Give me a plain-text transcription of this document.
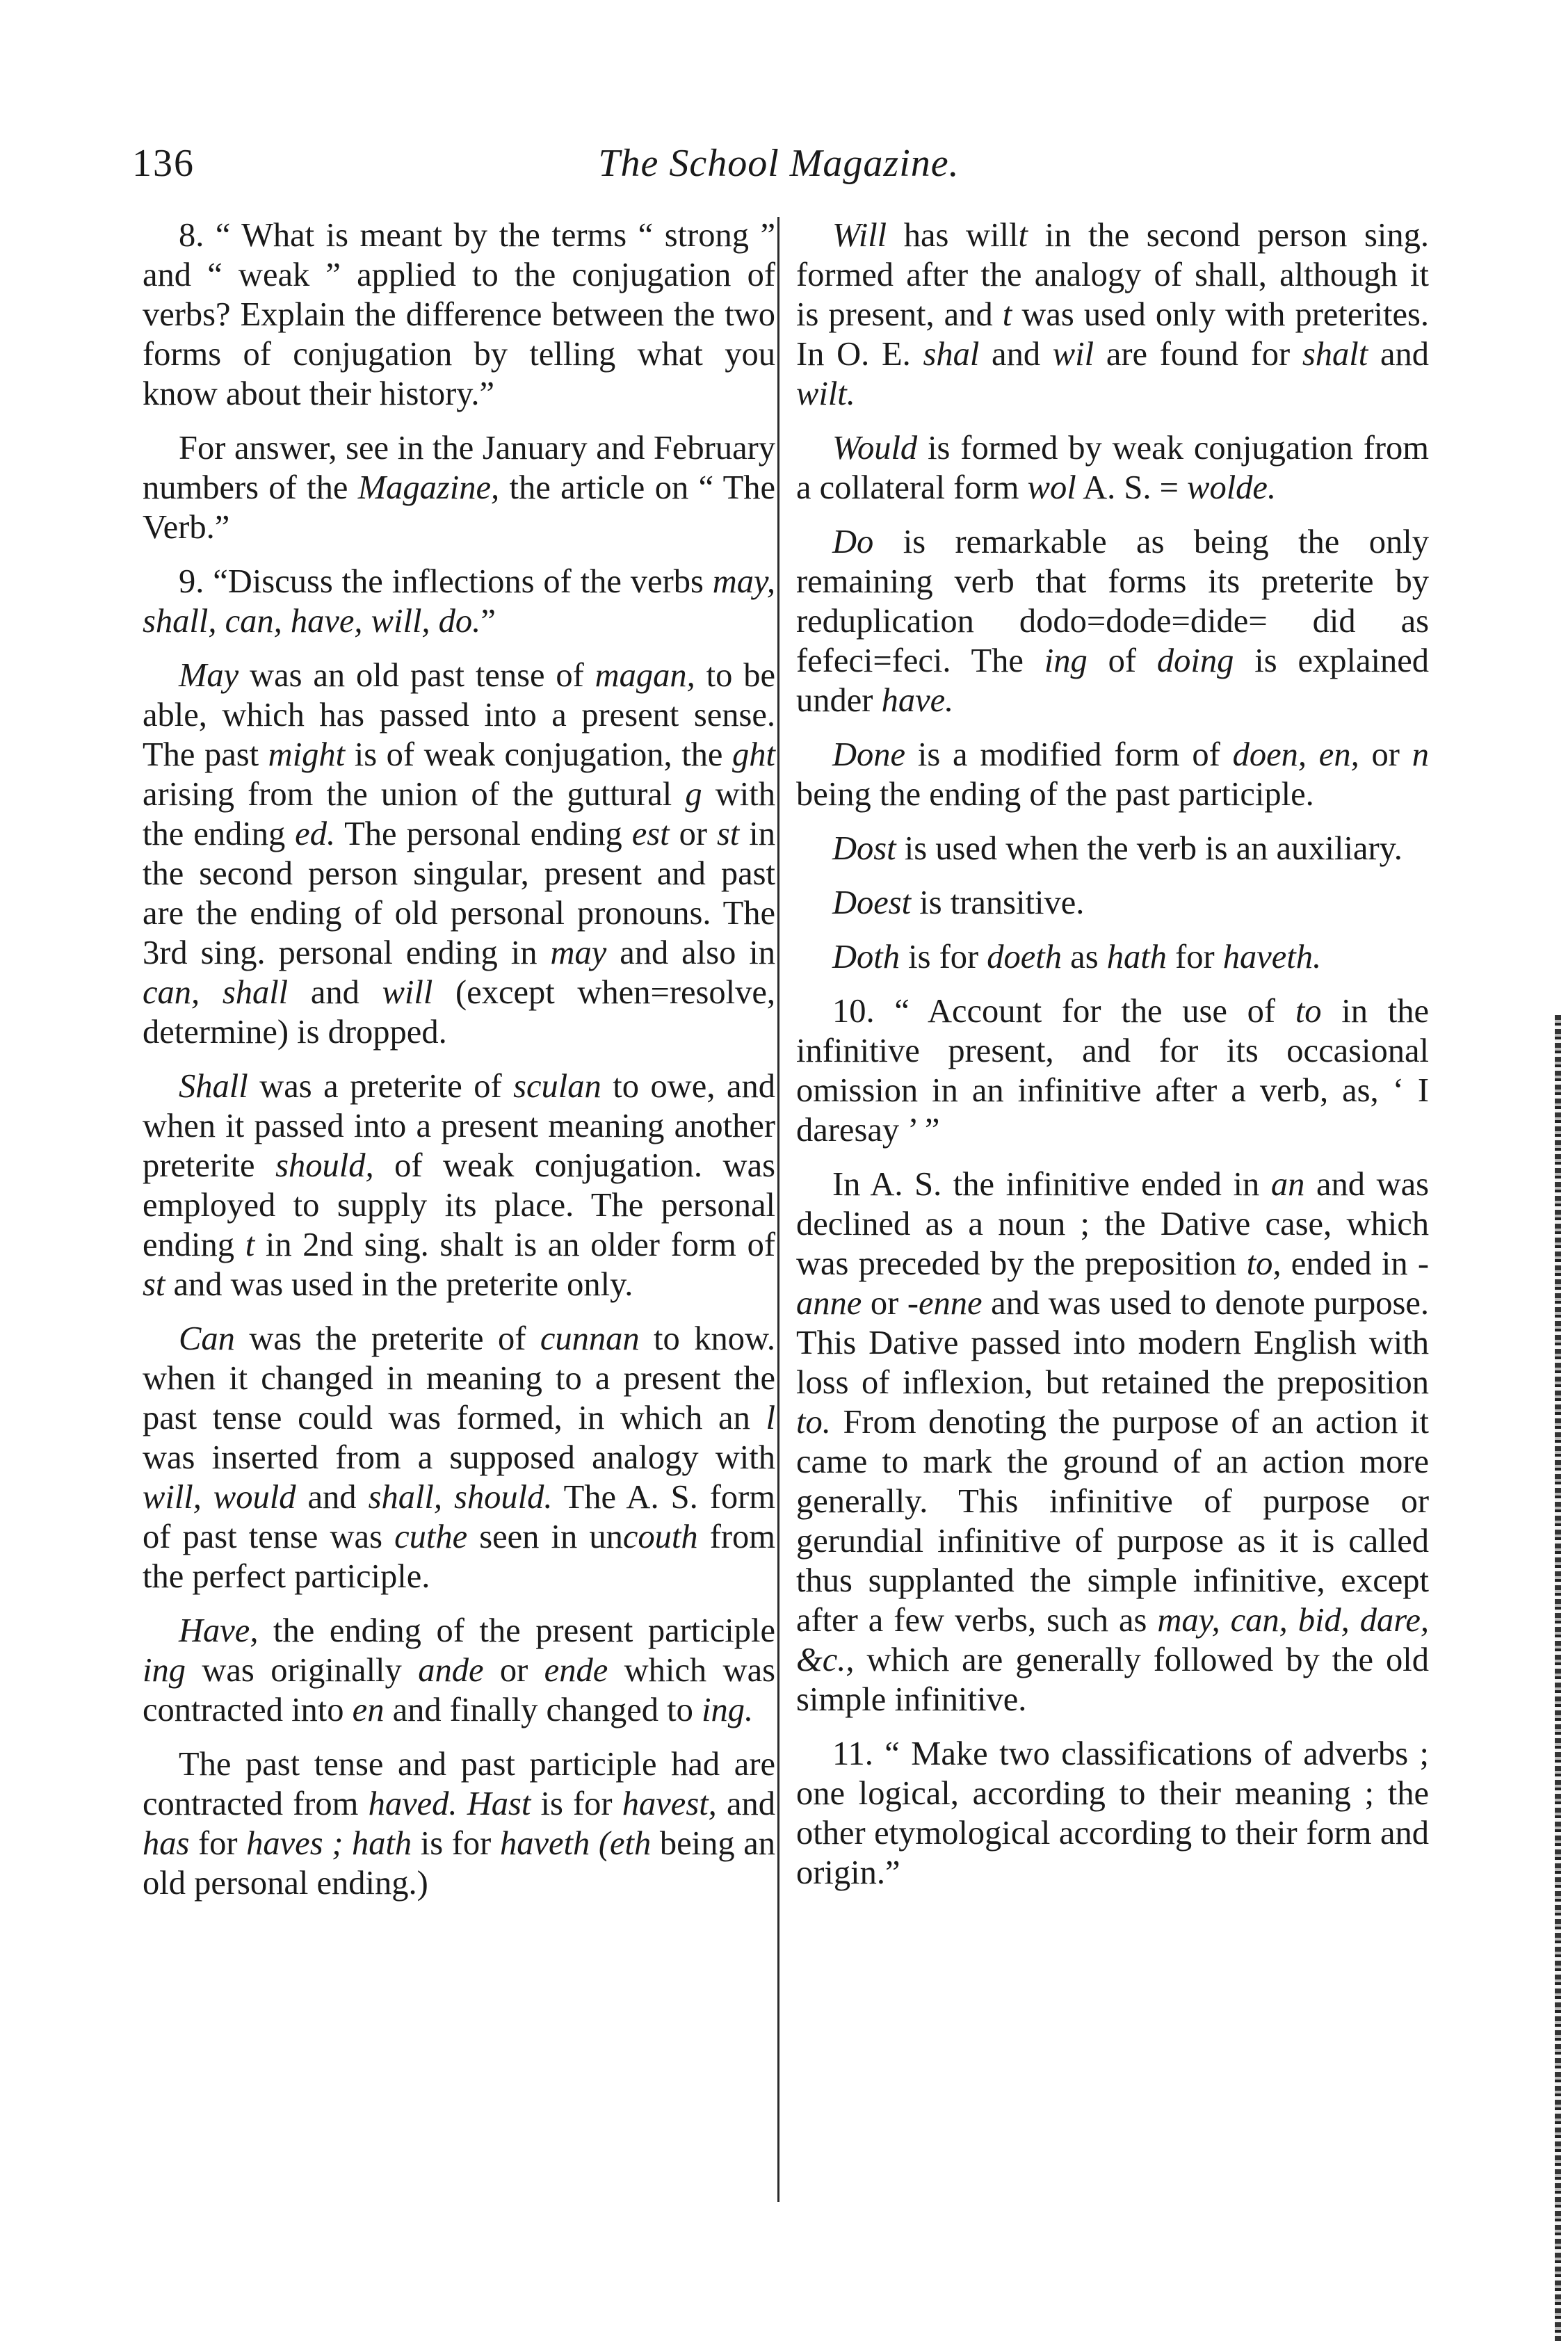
136	The School Magazine.

8. “ What is meant by the terms “ strong ” and “ weak ” applied to the conjugation of verbs? Explain the difference between the two forms of conjugation by telling what you know about their history.”

For answer, see in the January and February numbers of the Magazine, the article on “ The Verb.”

9. “Discuss the inflections of the verbs may, shall, can, have, will, do.”

May was an old past tense of magan, to be able, which has passed into a present sense. The past might is of weak conjugation, the ght arising from the union of the guttural g with the ending ed. The personal ending est or st in the second person singular, present and past are the ending of old personal pronouns. The 3rd sing. personal ending in may and also in can, shall and will (except when=resolve, determine) is dropped.

Shall was a preterite of sculan to owe, and when it passed into a present meaning another preterite should, of weak conjugation. was employed to supply its place. The personal ending t in 2nd sing. shalt is an older form of st and was used in the preterite only.

Can was the preterite of cunnan to know. when it changed in meaning to a present the past tense could was formed, in which an l was inserted from a supposed analogy with will, would and shall, should. The A. S. form of past tense was cuthe seen in uncouth from the perfect participle.

Have, the ending of the present participle ing was originally ande or ende which was contracted into en and finally changed to ing.

The past tense and past participle had are contracted from haved. Hast is for havest, and has for haves ; hath is for haveth (eth being an old personal ending.)

Will has willt in the second person sing. formed after the analogy of shall, although it is present, and t was used only with preterites. In O. E. shal and wil are found for shalt and wilt.

Would is formed by weak conjugation from a collateral form wol A. S. = wolde.

Do is remarkable as being the only remaining verb that forms its preterite by reduplication dodo=dode=dide= did as fefeci=feci. The ing of doing is explained under have.

Done is a modified form of doen, en, or n being the ending of the past participle.

Dost is used when the verb is an auxiliary.

Doest is transitive.

Doth is for doeth as hath for haveth.

10. “ Account for the use of to in the infinitive present, and for its occasional omission in an infinitive after a verb, as, ‘ I daresay ’ ”

In A. S. the infinitive ended in an and was declined as a noun ; the Dative case, which was preceded by the preposition to, ended in -anne or -enne and was used to denote purpose. This Dative passed into modern English with loss of inflexion, but retained the preposition to. From denoting the purpose of an action it came to mark the ground of an action more generally. This infinitive of purpose or gerundial infinitive of purpose as it is called thus supplanted the simple infinitive, except after a few verbs, such as may, can, bid, dare, &c., which are generally followed by the old simple infinitive.

11. “ Make two classifications of adverbs ; one logical, according to their meaning ; the other etymological according to their form and origin.”
